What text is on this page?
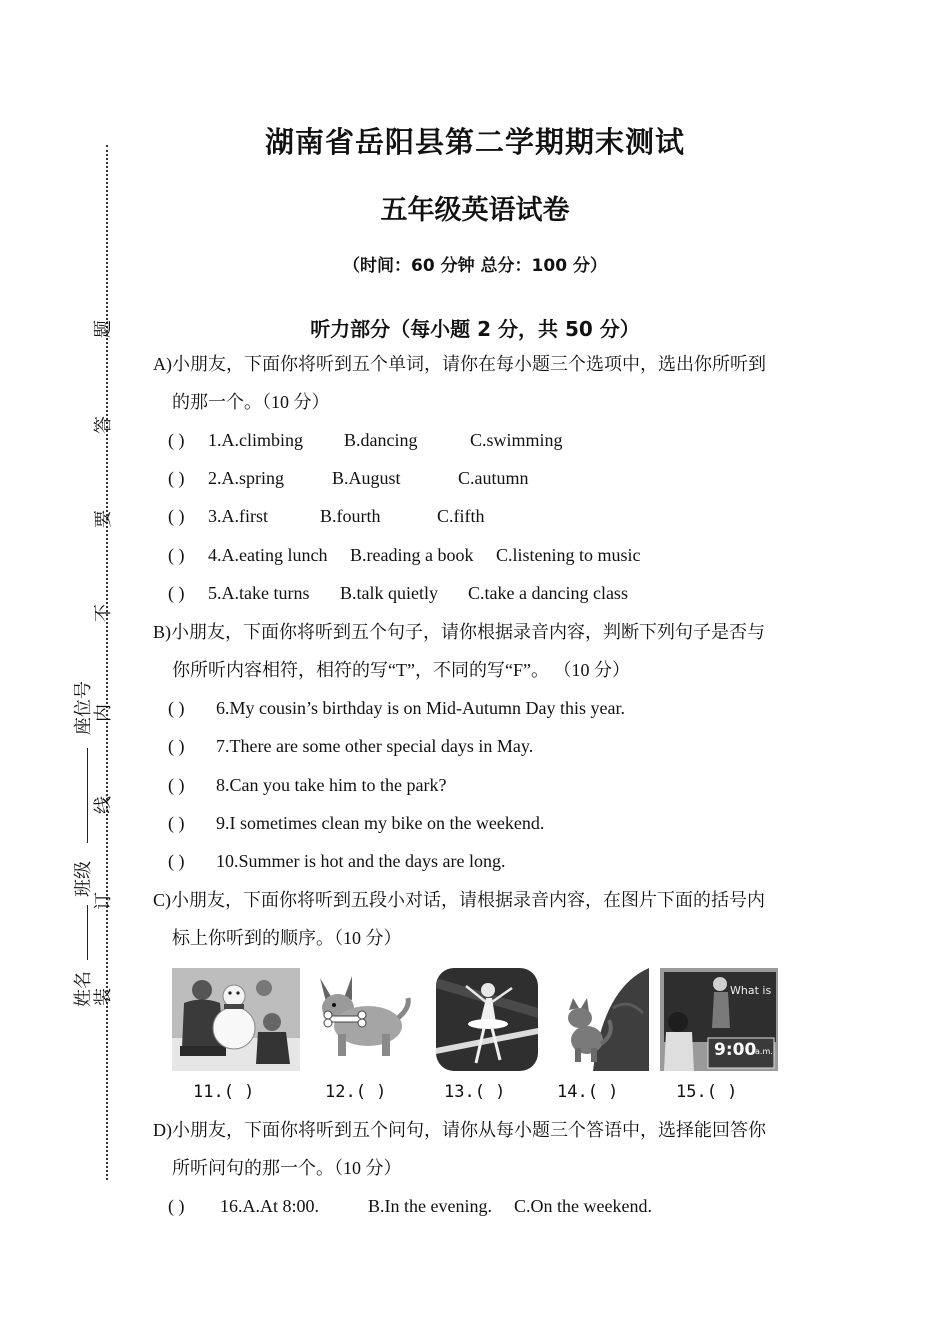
题
答
要
不
内
线
订
装
座位号
班级
姓名
湖南省岳阳县第二学期期末测试
五年级英语试卷
（时间：60 分钟 总分：100 分）
听力部分（每小题 2 分，共 50 分）
A)小朋友，下面你将听到五个单词，请你在每小题三个选项中，选出你所听到
的那一个。（10 分）
( ) 1.A.climbing B.dancing	C.swimming
( ) 2.A.spring	B.August	C.autumn
( ) 3.A.first	B.fourth	C.fifth
( ) 4.A.eating lunch B.reading a book C.listening to music
( ) 5.A.take turns B.talk quietly C.take a dancing class
B)小朋友，下面你将听到五个句子，请你根据录音内容，判断下列句子是否与
你所听内容相符，相符的写“T”，不同的写“F”。 （10 分）
( ) 6.My cousin’s birthday is on Mid-Autumn Day this year.
( ) 7.There are some other special days in May.
( ) 8.Can you take him to the park?
( ) 9.I sometimes clean my bike on the weekend.
( ) 10.Summer is hot and the days are long.
C)小朋友，下面你将听到五段小对话，请根据录音内容，在图片下面的括号内
标上你听到的顺序。（10 分）
What is
9:00
a.m.
11.( )	12.( )	13.( )	14.( )	15.( )
D)小朋友，下面你将听到五个问句，请你从每小题三个答语中，选择能回答你
所听问句的那一个。（10 分）
( ) 16.A.At 8:00.	B.In the evening. C.On the weekend.
